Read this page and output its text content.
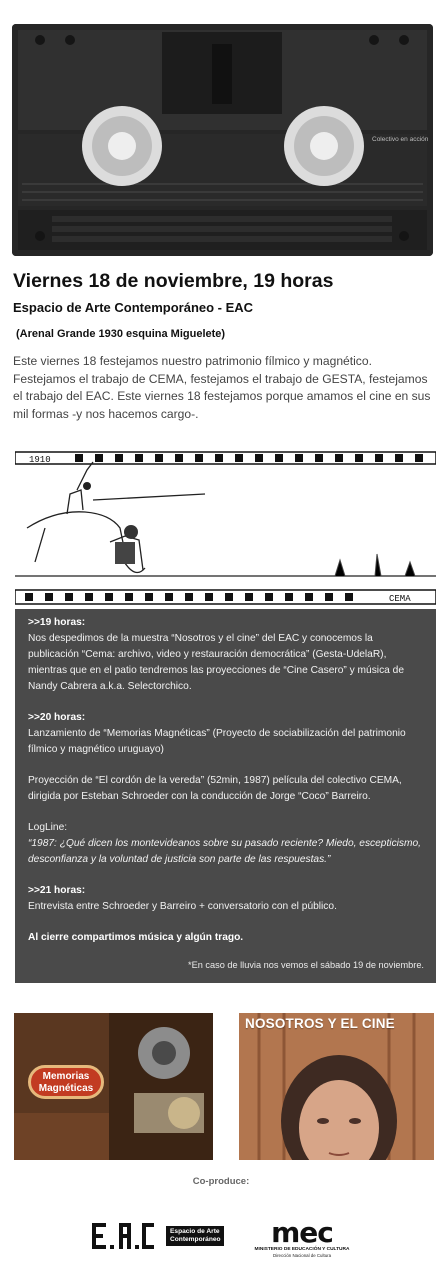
Colectivo en acción
Viernes 18 de noviembre, 19 horas
Espacio de Arte Contemporáneo - EAC
(Arenal Grande 1930 esquina Miguelete)
Este viernes 18 festejamos nuestro patrimonio fílmico y magnético. Festejamos el trabajo de CEMA, festejamos el trabajo de GESTA, festejamos el trabajo del EAC. Este viernes 18 festejamos porque amamos el cine en sus mil formas -y nos hacemos cargo-.
1910
CEMA
>>19 horas:
Nos despedimos de la muestra “Nosotros y el cine” del EAC y conocemos la publicación “Cema: archivo, video y restauración democrática” (Gesta-UdelaR), mientras que en el patio tendremos las proyecciones de “Cine Casero” y música de Nandy Cabrera a.k.a. Selectorchico.
>>20 horas:
Lanzamiento de “Memorias Magnéticas” (Proyecto de sociabilización del patrimonio fílmico y magnético uruguayo)
Proyección de “El cordón de la vereda” (52min, 1987) película del colectivo CEMA, dirigida por Esteban Schroeder con la conducción de Jorge “Coco” Barreiro.
LogLine:
“1987: ¿Qué dicen los montevideanos sobre su pasado reciente? Miedo, escepticismo, desconfianza y la voluntad de justicia son parte de las respuestas.”
>>21 horas:
Entrevista entre Schroeder y Barreiro + conversatorio con el público.
Al cierre compartimos música y algún trago.
*En caso de lluvia nos vemos el sábado 19 de noviembre.
Memorias Magnéticas
NOSOTROS Y EL CINE
Co-produce:
E.A.C
Espacio de Arte Contemporáneo	mec
MINISTERIO DE EDUCACIÓN Y CULTURA
Dirección Nacional de Cultura
